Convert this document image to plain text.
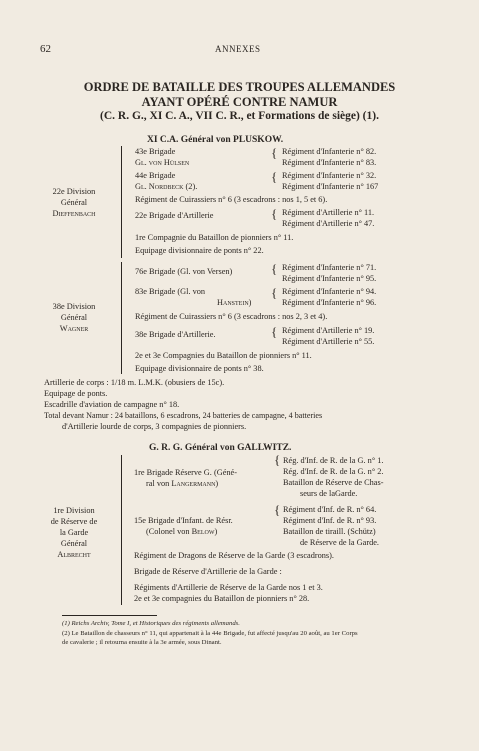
62	ANNEXES
ORDRE DE BATAILLE DES TROUPES ALLEMANDES
AYANT OPÉRÉ CONTRE NAMUR
(C. R. G., XI C. A., VII C. R., et Formations de siège) (1).
XI C.A. Général von PLUSKOW.
22e Division
Général
Dieffenbach
43e Brigade	Régiment d'Infanterie n° 82.
Gl. von Hülsen	Régiment d'Infanterie n° 83.
44e Brigade	Régiment d'Infanterie n° 32.
Gl. Nordbeck (2).	Régiment d'Infanterie n° 167
Régiment de Cuirassiers n° 6 (3 escadrons : nos 1, 5 et 6).
22e Brigade d'Artillerie	Régiment d'Artillerie n° 11.
Régiment d'Artillerie n° 47.
1re Compagnie du Bataillon de pionniers n° 11.
Equipage divisionnaire de ponts n° 22.
{
{
{
38e Division
Général
Wagner
76e Brigade (Gl. von Versen)	Régiment d'Infanterie n° 71.
Régiment d'Infanterie n° 95.
83e Brigade (Gl. von	Régiment d'Infanterie n° 94.
Hanstein)	Régiment d'Infanterie n° 96.
Régiment de Cuirassiers n° 6 (3 escadrons : nos 2, 3 et 4).
38e Brigade d'Artillerie.	Régiment d'Artillerie n° 19.
Régiment d'Artillerie n° 55.
2e et 3e Compagnies du Bataillon de pionniers n° 11.
Equipage divisionnaire de ponts n° 38.
{
{
{
Artillerie de corps : 1/18 m. L.M.K. (obusiers de 15c).
Equipage de ponts.
Escadrille d'aviation de campagne n° 18.
Total devant Namur : 24 bataillons, 6 escadrons, 24 batteries de campagne, 4 batteries
d'Artillerie lourde de corps, 3 compagnies de pionniers.
G. R. G. Général von GALLWITZ.
1re Division
de Réserve de
la Garde
Général
Albrecht
1re Brigade Réserve G. (Géné-
ral von Langermann)
{ Rég. d'Inf. de R. de la G. n° 1.
Rég. d'Inf. de R. de la G. n° 2.
Bataillon de Réserve de Chas-
seurs de laGarde.
15e Brigade d'Infant. de Résr.
(Colonel von Below)
{ Régiment d'Inf. de R. n° 64.
Régiment d'Inf. de R. n° 93.
Bataillon de tiraill. (Schütz)
de Réserve de la Garde.
Régiment de Dragons de Réserve de la Garde (3 escadrons).
Brigade de Réserve d'Artillerie de la Garde :
Régiments d'Artillerie de Réserve de la Garde nos 1 et 3.
2e et 3e compagnies du Bataillon de pionniers n° 28.
(1) Reichs Archiv, Tome I, et Historiques des régiments allemands.
(2) Le Bataillon de chasseurs n° 11, qui appartenait à la 44e Brigade, fut affecté jusqu'au 20 août, au 1er Corps
de cavalerie ; il retourna ensuite à la 3e armée, sous Dinant.
